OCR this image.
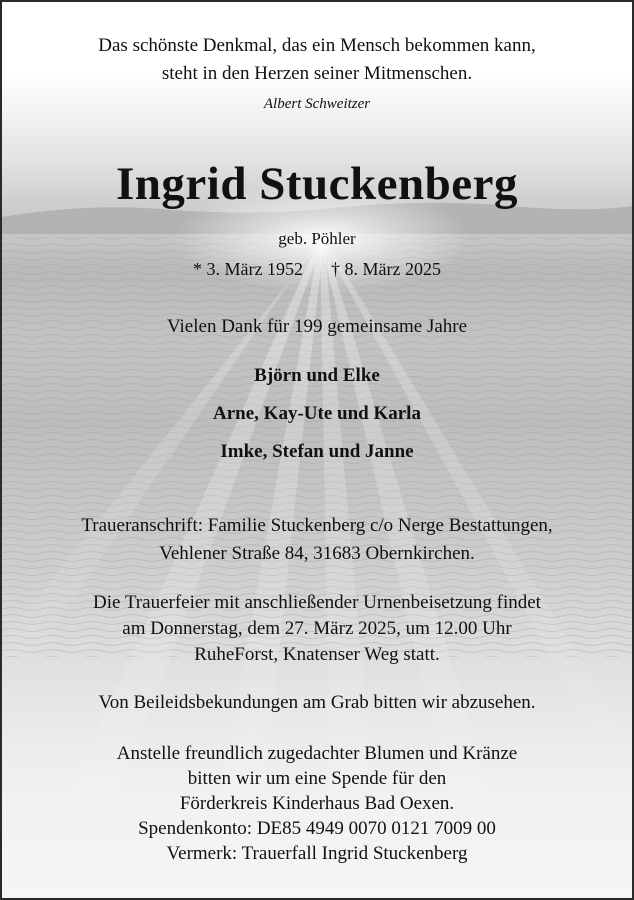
Das schönste Denkmal, das ein Mensch bekommen kann,
steht in den Herzen seiner Mitmenschen.

Albert Schweitzer

Ingrid Stuckenberg

geb. Pöhler

* 3. März 1952 † 8. März 2025

Vielen Dank für 199 gemeinsame Jahre

Björn und Elke

Arne, Kay-Ute und Karla

Imke, Stefan und Janne

Traueranschrift: Familie Stuckenberg c/o Nerge Bestattungen,
Vehlener Straße 84, 31683 Obernkirchen.

Die Trauerfeier mit anschließender Urnenbeisetzung findet
am Donnerstag, dem 27. März 2025, um 12.00 Uhr
RuheForst, Knatenser Weg statt.

Von Beileidsbekundungen am Grab bitten wir abzusehen.

Anstelle freundlich zugedachter Blumen und Kränze
bitten wir um eine Spende für den
Förderkreis Kinderhaus Bad Oexen.
Spendenkonto: DE85 4949 0070 0121 7009 00
Vermerk: Trauerfall Ingrid Stuckenberg
